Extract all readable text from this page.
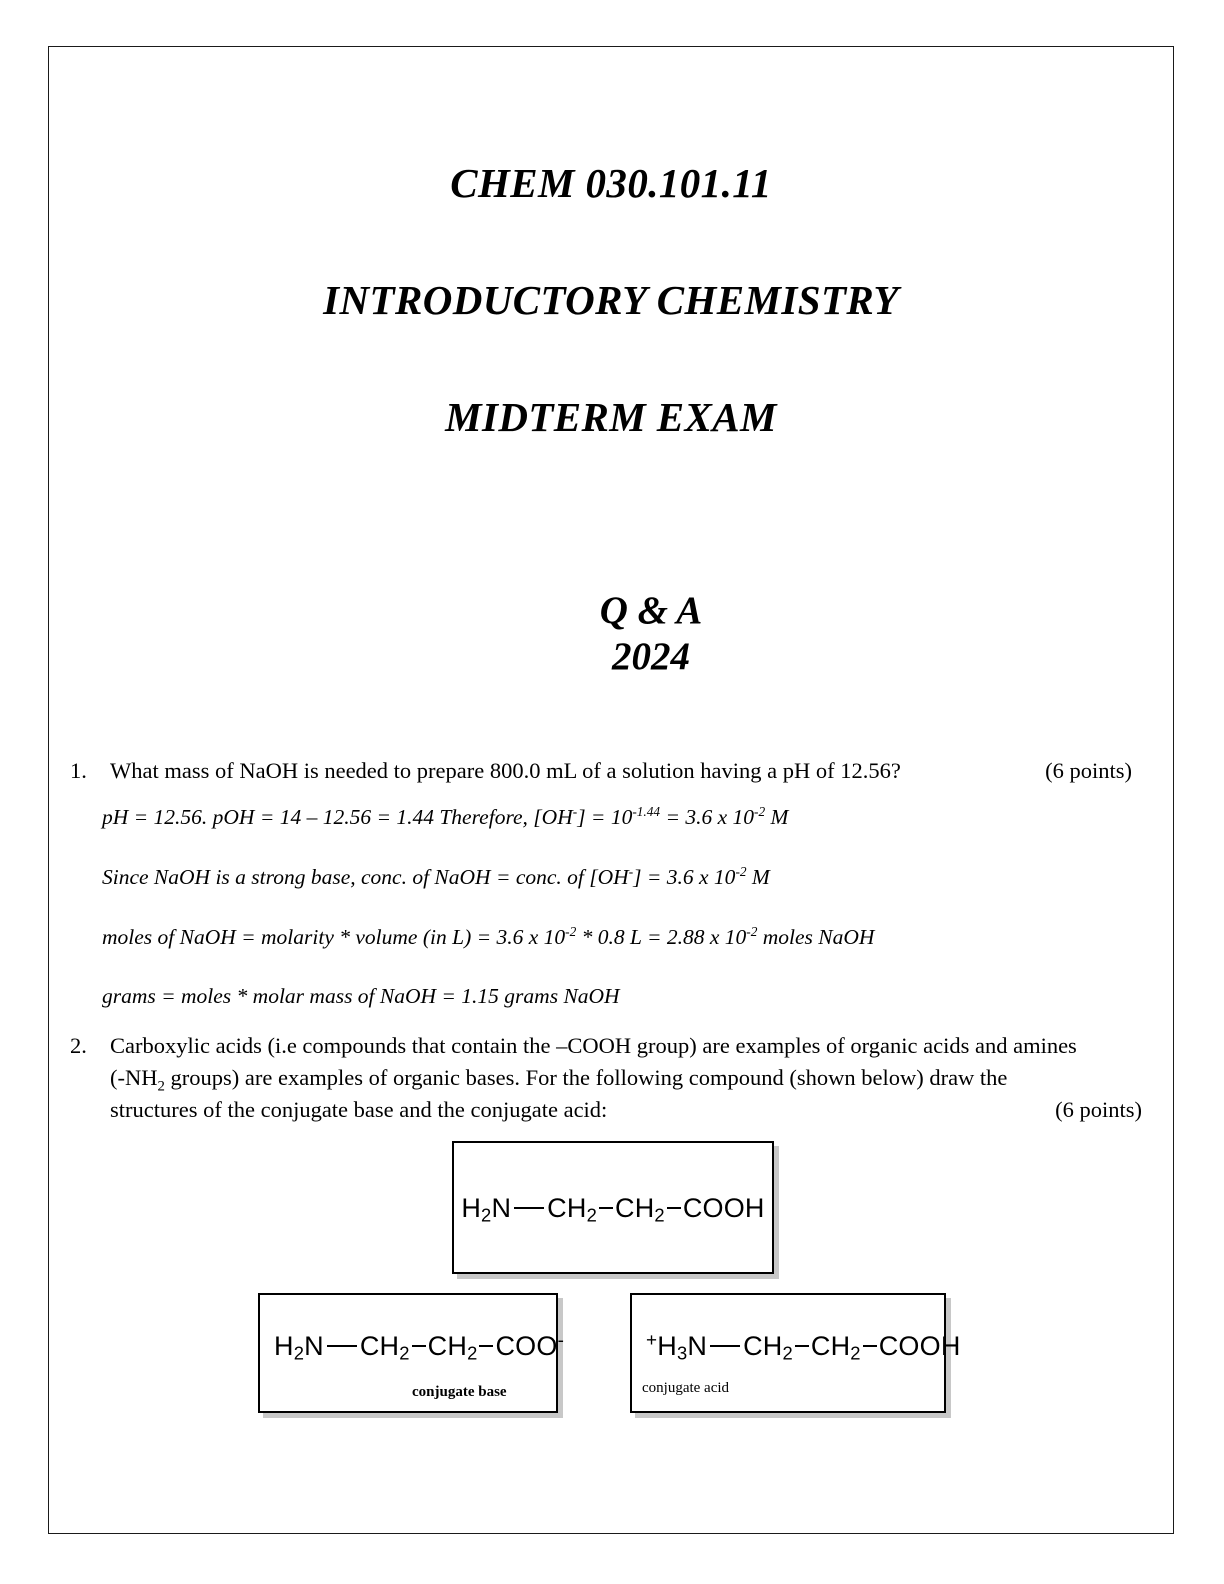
CHEM 030.101.11
INTRODUCTORY CHEMISTRY
MIDTERM EXAM
Q & A
2024
1.	What mass of NaOH is needed to prepare 800.0 mL of a solution having a pH of 12.56?	(6 points)
pH = 12.56. pOH = 14 – 12.56 = 1.44 Therefore, $[OH^-] = 10^{-1.44} = 3.6$ x $10^{-2}$ M
Since NaOH is a strong base, conc. of NaOH = conc. of [OH-] = 3.6 x $10^{-2}$ M
moles of NaOH = molarity * volume (in L) = 3.6 x $10^{-2} * 0.8$ L = 2.88 x $10^{-2}$ moles NaOH
grams = moles * molar mass of NaOH = 1.15 grams NaOH
2.	Carboxylic acids (i.e compounds that contain the –COOH group) are examples of organic acids and amines
($-NH_2$ groups) are examples of organic bases. For the following compound (shown below) draw the
structures of the conjugate base and the conjugate acid:	(6 points)
$H_2N$ $CH_2$ $CH_2$ COOH
$H_2N$ $CH_2$ $CH_2$ COO-
conjugate base
$^+H_3N$ $CH_2$ $CH_2$ COOH
conjugate acid
